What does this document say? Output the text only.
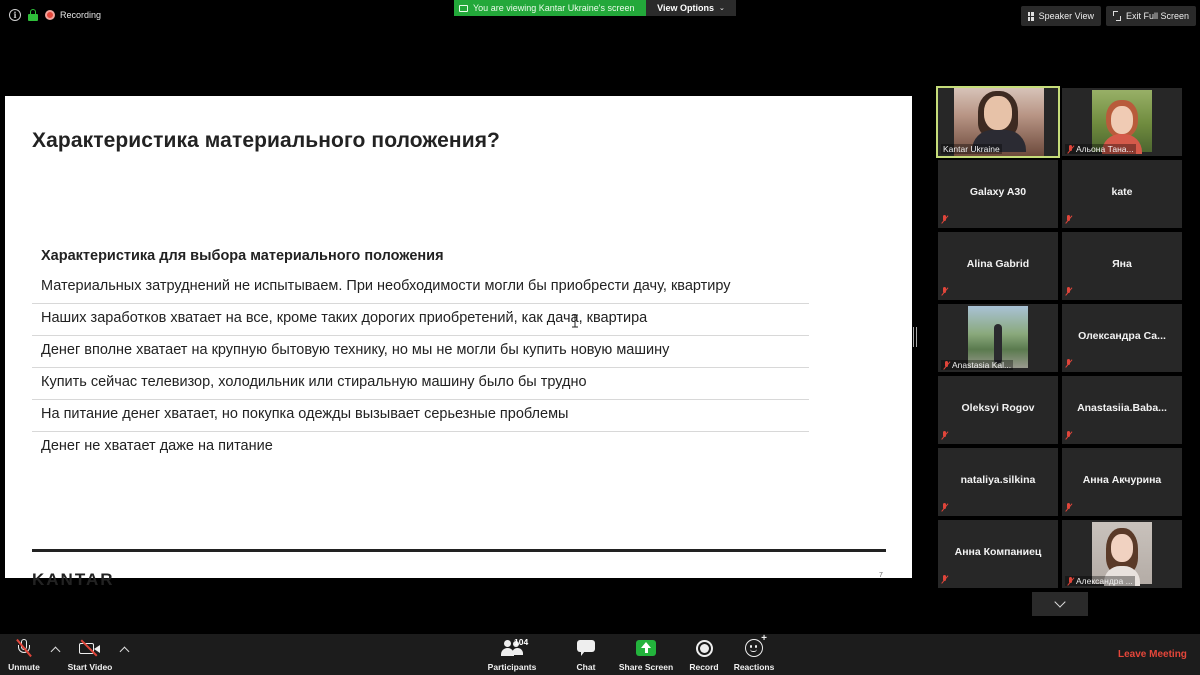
i	Recording
You are viewing Kantar Ukraine's screen	View Options ⌄
Speaker View	Exit Full Screen
Характеристика материального положения?
Характеристика для выбора материального положения
Материальных затруднений не испытываем. При необходимости могли бы приобрести дачу, квартиру
Наших заработков хватает на все, кроме таких дорогих приобретений, как дача, квартира
Денег вполне хватает на крупную бытовую технику, но мы не могли бы купить новую машину
Купить сейчас телевизор, холодильник или стиральную машину было бы трудно
На питание денег хватает, но покупка одежды вызывает серьезные проблемы
Денег не хватает даже на питание
KANTAR	7
Kantar Ukraine	Альона Тана...
Galaxy A30	kate
Alina Gabrid	Яна
Anastasia Kal...
Олександра Са...
Oleksyi Rogov	Anastasiia.Baba...
nataliya.silkina	Анна Акчурина
Анна Компаниец
Александра ...
Unmute	Start Video
104
Participants	Chat	Share Screen Record
+
Reactions
Leave Meeting
